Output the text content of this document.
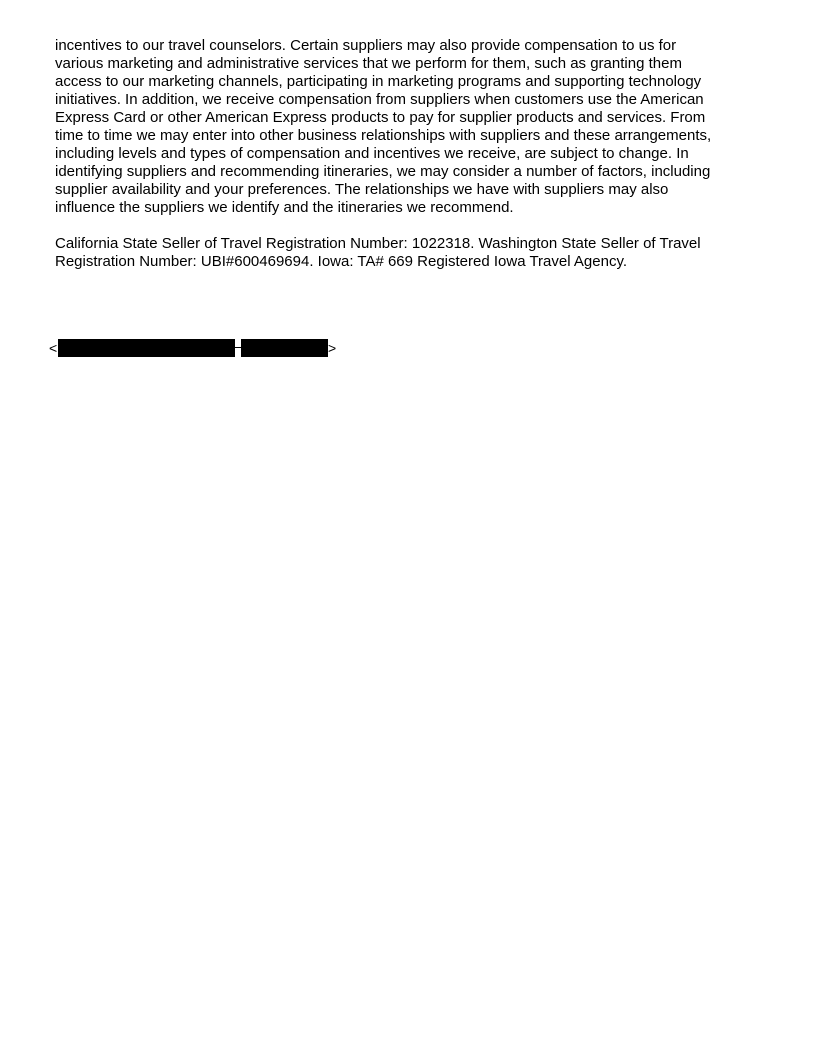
incentives to our travel counselors. Certain suppliers may also provide compensation to us for
various marketing and administrative services that we perform for them, such as granting them
access to our marketing channels, participating in marketing programs and supporting technology
initiatives. In addition, we receive compensation from suppliers when customers use the American
Express Card or other American Express products to pay for supplier products and services. From
time to time we may enter into other business relationships with suppliers and these arrangements,
including levels and types of compensation and incentives we receive, are subject to change. In
identifying suppliers and recommending itineraries, we may consider a number of factors, including
supplier availability and your preferences. The relationships we have with suppliers may also
influence the suppliers we identify and the itineraries we recommend.

California State Seller of Travel Registration Number: 1022318. Washington State Seller of Travel
Registration Number: UBI#600469694. Iowa: TA# 669 Registered Iowa Travel Agency.

<	>
